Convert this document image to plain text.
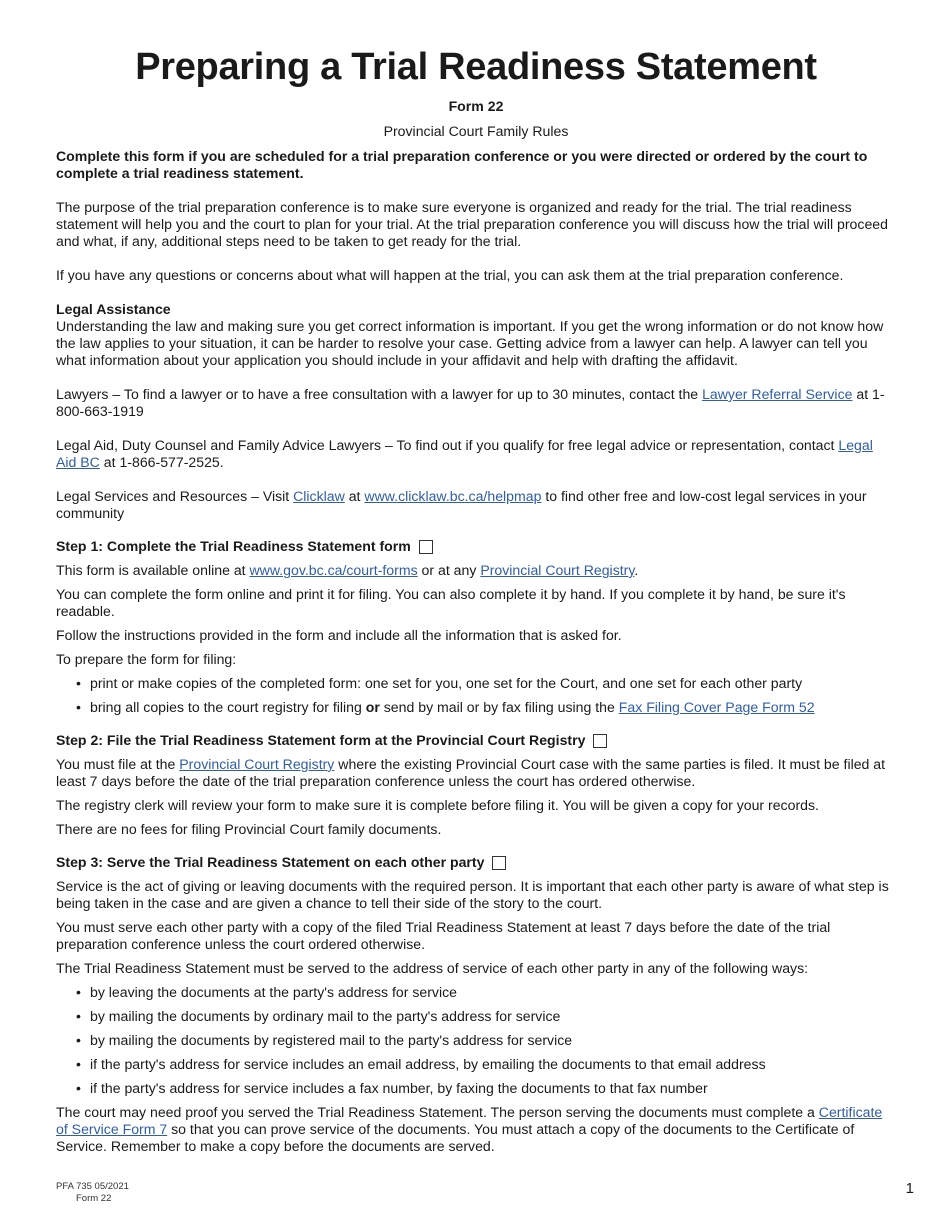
Preparing a Trial Readiness Statement
Form 22
Provincial Court Family Rules

Complete this form if you are scheduled for a trial preparation conference or you were directed or ordered by the court to complete a trial readiness statement.

The purpose of the trial preparation conference is to make sure everyone is organized and ready for the trial. The trial readiness statement will help you and the court to plan for your trial. At the trial preparation conference you will discuss how the trial will proceed and what, if any, additional steps need to be taken to get ready for the trial.

If you have any questions or concerns about what will happen at the trial, you can ask them at the trial preparation conference.

Legal Assistance

Understanding the law and making sure you get correct information is important. If you get the wrong information or do not know how the law applies to your situation, it can be harder to resolve your case. Getting advice from a lawyer can help. A lawyer can tell you what information about your application you should include in your affidavit and help with drafting the affidavit.

Lawyers – To find a lawyer or to have a free consultation with a lawyer for up to 30 minutes, contact the Lawyer Referral Service at 1-800-663-1919

Legal Aid, Duty Counsel and Family Advice Lawyers – To find out if you qualify for free legal advice or representation, contact Legal Aid BC at 1-866-577-2525.

Legal Services and Resources – Visit Clicklaw at www.clicklaw.bc.ca/helpmap to find other free and low-cost legal services in your community

Step 1: Complete the Trial Readiness Statement form

This form is available online at www.gov.bc.ca/court-forms or at any Provincial Court Registry.

You can complete the form online and print it for filing. You can also complete it by hand. If you complete it by hand, be sure it's readable.

Follow the instructions provided in the form and include all the information that is asked for.

To prepare the form for filing:

• print or make copies of the completed form: one set for you, one set for the Court, and one set for each other party
• bring all copies to the court registry for filing or send by mail or by fax filing using the Fax Filing Cover Page Form 52
Step 2: File the Trial Readiness Statement form at the Provincial Court Registry

You must file at the Provincial Court Registry where the existing Provincial Court case with the same parties is filed. It must be filed at least 7 days before the date of the trial preparation conference unless the court has ordered otherwise.

The registry clerk will review your form to make sure it is complete before filing it. You will be given a copy for your records.

There are no fees for filing Provincial Court family documents.

Step 3: Serve the Trial Readiness Statement on each other party

Service is the act of giving or leaving documents with the required person. It is important that each other party is aware of what step is being taken in the case and are given a chance to tell their side of the story to the court.

You must serve each other party with a copy of the filed Trial Readiness Statement at least 7 days before the date of the trial preparation conference unless the court ordered otherwise.

The Trial Readiness Statement must be served to the address of service of each other party in any of the following ways:

• by leaving the documents at the party's address for service
• by mailing the documents by ordinary mail to the party's address for service
• by mailing the documents by registered mail to the party's address for service
• if the party's address for service includes an email address, by emailing the documents to that email address
• if the party's address for service includes a fax number, by faxing the documents to that fax number

The court may need proof you served the Trial Readiness Statement. The person serving the documents must complete a Certificate of Service Form 7 so that you can prove service of the documents. You must attach a copy of the documents to the Certificate of Service. Remember to make a copy before the documents are served.

PFA 735 05/2021
Form 22
1
